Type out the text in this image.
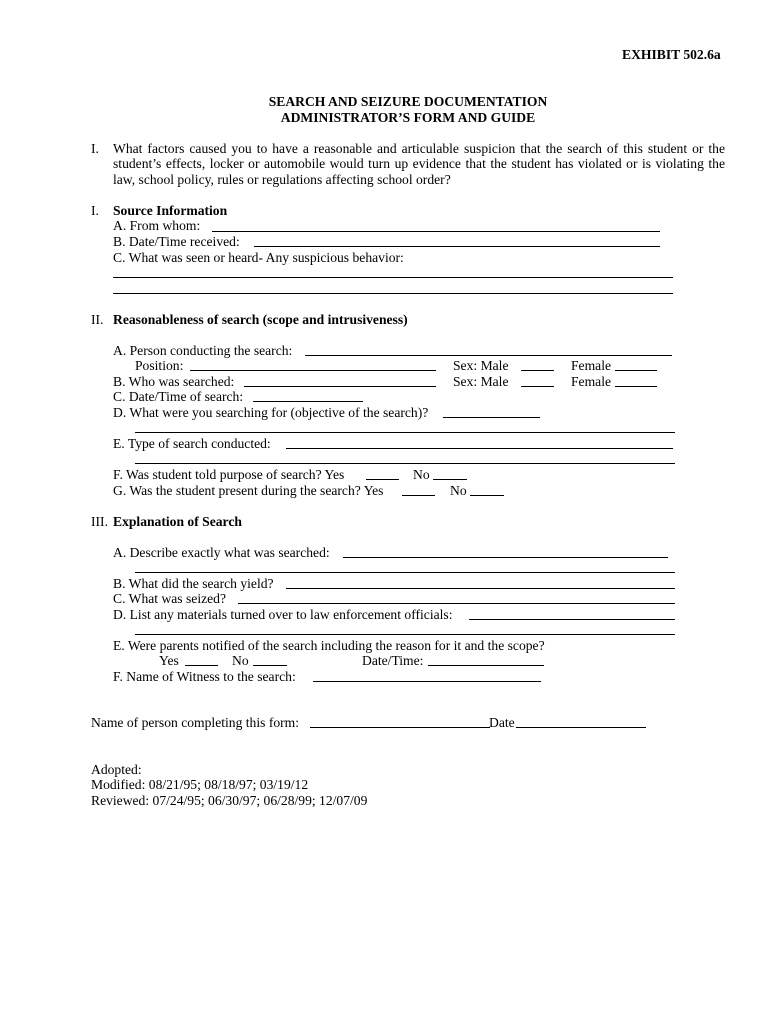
EXHIBIT 502.6a
SEARCH AND SEIZURE DOCUMENTATION
ADMINISTRATOR’S FORM AND GUIDE
I. What factors caused you to have a reasonable and articulable suspicion that the search of this student or the
student’s effects, locker or automobile would turn up evidence that the student has violated or is violating the
law, school policy, rules or regulations affecting school order?
I. Source Information
A. From whom:
B. Date/Time received:
C. What was seen or heard- Any suspicious behavior:
II. Reasonableness of search (scope and intrusiveness)
A. Person conducting the search:
Position:	Sex: Male	Female
B. Who was searched:	Sex: Male	Female
C. Date/Time of search:
D. What were you searching for (objective of the search)?
E. Type of search conducted:
F. Was student told purpose of search? Yes	No
G. Was the student present during the search? Yes	No
III. Explanation of Search
A. Describe exactly what was searched:
B. What did the search yield?
C. What was seized?
D. List any materials turned over to law enforcement officials:
E. Were parents notified of the search including the reason for it and the scope?
Yes	No	Date/Time:
F. Name of Witness to the search:
Name of person completing this form:	Date
Adopted:
Modified: 08/21/95; 08/18/97; 03/19/12
Reviewed: 07/24/95; 06/30/97; 06/28/99; 12/07/09
